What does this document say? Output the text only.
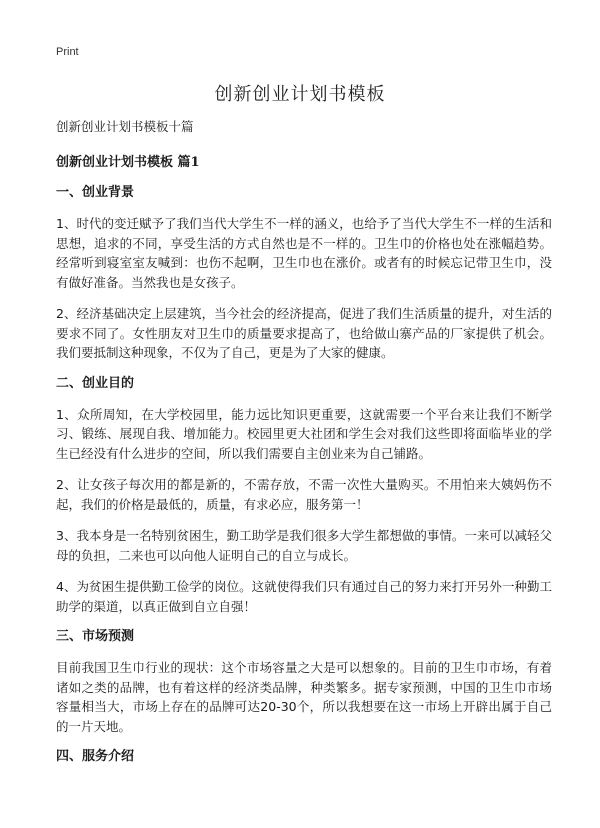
Print
创新创业计划书模板
创新创业计划书模板十篇
创新创业计划书模板 篇1
一、创业背景

1、时代的变迁赋予了我们当代大学生不一样的涵义，也给予了当代大学生不一样的生活和思想，追求的不同，享受生活的方式自然也是不一样的。卫生巾的价格也处在涨幅趋势。经常听到寝室室友喊到：也伤不起啊，卫生巾也在涨价。或者有的时候忘记带卫生巾，没有做好准备。当然我也是女孩子。

2、经济基础决定上层建筑，当今社会的经济提高，促进了我们生活质量的提升，对生活的要求不同了。女性朋友对卫生巾的质量要求提高了，也给做山寨产品的厂家提供了机会。我们要抵制这种现象，不仅为了自己，更是为了大家的健康。

二、创业目的

1、众所周知，在大学校园里，能力远比知识更重要，这就需要一个平台来让我们不断学习、锻练、展现自我、增加能力。校园里更大社团和学生会对我们这些即将面临毕业的学生已经没有什么进步的空间，所以我们需要自主创业来为自己铺路。

2、让女孩子每次用的都是新的，不需存放，不需一次性大量购买。不用怕来大姨妈伤不起，我们的价格是最低的，质量，有求必应，服务第一！

3、我本身是一名特别贫困生，勤工助学是我们很多大学生都想做的事情。一来可以减轻父母的负担，二来也可以向他人证明自己的自立与成长。

4、为贫困生提供勤工俭学的岗位。这就使得我们只有通过自己的努力来打开另外一种勤工助学的渠道，以真正做到自立自强！

三、市场预测

目前我国卫生巾行业的现状：这个市场容量之大是可以想象的。目前的卫生巾市场，有着诸如之类的品牌，也有着这样的经济类品牌，种类繁多。据专家预测，中国的卫生巾市场容量相当大，市场上存在的品牌可达20-30个，所以我想要在这一市场上开辟出属于自己的一片天地。

四、服务介绍
